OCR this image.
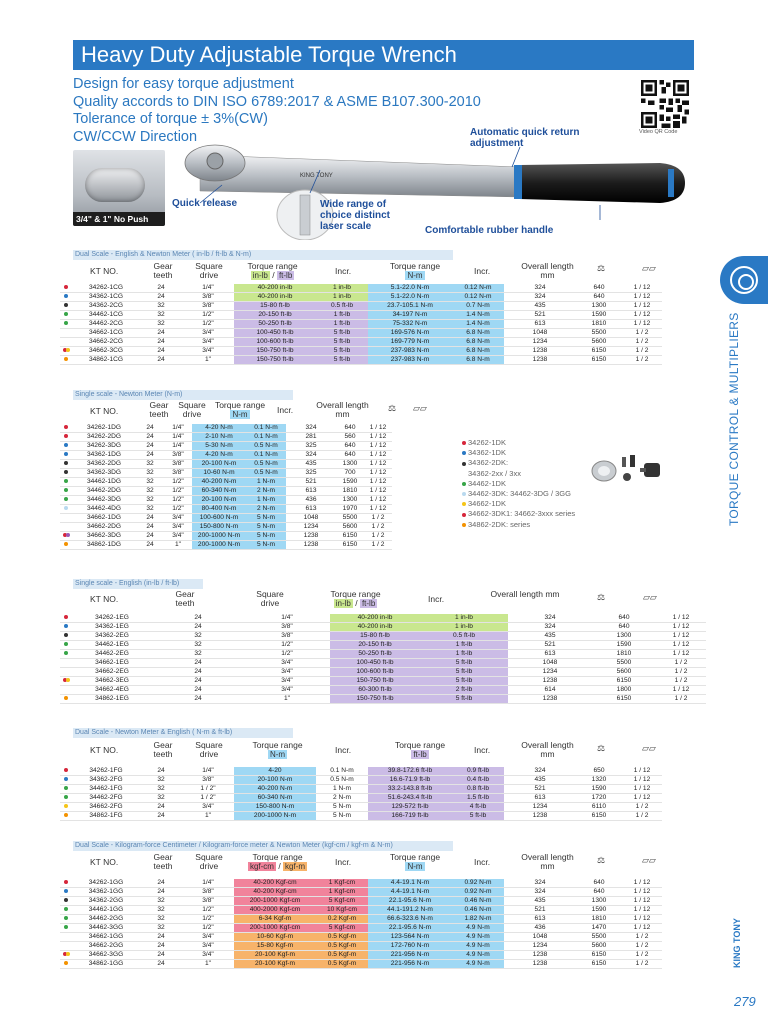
Heavy Duty Adjustable Torque Wrench
Design for easy torque adjustment
Quality accords to DIN ISO 6789:2017 & ASME B107.300-2010
Tolerance of torque ± 3%(CW)
CW/CCW Direction
3/4" & 1" No Push
KING TONY
Quick release
Automatic quick return adjustment
Wide range of choice distinct laser scale	Comfortable rubber handle
Video QR Code
TORQUE CONTROL & MULTIPLIERS
KING TONY
279
Dual Scale - English & Newton Meter ( in-lb / ft-lb & N-m)
KT NO.	Gear teeth
Square drive
Torque range
in-lb / ft-lb	Incr.	Torque range
N-m	Incr.	Overall length mm
⚖	▱▱
	34262-1CG	24	1/4"	40-200 in-lb	1 in-lb	5.1-22.0 N-m	0.12 N-m	324	640	1 / 12
	34362-1CG	24	3/8"	40-200 in-lb	1 in-lb	5.1-22.0 N-m	0.12 N-m	324	640	1 / 12
	34362-2CG	32	3/8"	15-80 ft-lb	0.5 ft-lb	23.7-105.1 N-m	0.7 N-m	435	1300	1 / 12
	34462-1CG	32	1/2"	20-150 ft-lb	1 ft-lb	34-197 N-m	1.4 N-m	521	1590	1 / 12
	34462-2CG	32	1/2"	50-250 ft-lb	1 ft-lb	75-332 N-m	1.4 N-m	613	1810	1 / 12
	34662-1CG	24	3/4"	100-450 ft-lb	5 ft-lb	169-576 N-m	6.8 N-m	1048	5500	1 / 2
	34662-2CG	24	3/4"	100-600 ft-lb	5 ft-lb	169-779 N-m	6.8 N-m	1234	5600	1 / 2
	34662-3CG	24	3/4"	150-750 ft-lb	5 ft-lb	237-983 N-m	6.8 N-m	1238	6150	1 / 2
	34862-1CG	24	1"	150-750 ft-lb	5 ft-lb	237-983 N-m	6.8 N-m	1238	6150	1 / 2
Single scale - Newton Meter (N-m)
KT NO.
Gear teeth
Square drive
Torque range
N-m	Incr.	Overall length mm
⚖ ▱▱
	34262-1DG	24	1/4"	4-20 N-m	0.1 N-m	324	640	1 / 12
	34262-2DG	24	1/4"	2-10 N-m	0.1 N-m	281	560	1 / 12
	34262-3DG	24	1/4"	5-30 N-m	0.5 N-m	325	640	1 / 12
	34362-1DG	24	3/8"	4-20 N-m	0.1 N-m	324	640	1 / 12
	34362-2DG	32	3/8"	20-100 N-m	0.5 N-m	435	1300	1 / 12
	34362-3DG	32	3/8"	10-60 N-m	0.5 N-m	325	700	1 / 12
	34462-1DG	32	1/2"	40-200 N-m	1 N-m	521	1590	1 / 12
	34462-2DG	32	1/2"	60-340 N-m	2 N-m	613	1810	1 / 12
	34462-3DG	32	1/2"	20-100 N-m	1 N-m	436	1300	1 / 12
	34462-4DG	32	1/2"	80-400 N-m	2 N-m	613	1970	1 / 12
	34662-1DG	24	3/4"	100-600 N-m	5 N-m	1048	5500	1 / 2
	34662-2DG	24	3/4"	150-800 N-m	5 N-m	1234	5600	1 / 2
	34662-3DG	24	3/4"	200-1000 N-m	5 N-m	1238	6150	1 / 2
	34862-1DG	24	1"	200-1000 N-m	5 N-m	1238	6150	1 / 2
34262-1DK
34362-1DK
34362-2DK:
34362-2xx / 3xx
34462-1DK
34462-3DK: 34462-3DG / 3GG
34662-1DK
34662-3DK1: 34662-3xxx series
34862-2DK: series
Single scale - English (in-lb / ft-lb)
KT NO.	Gear teeth
Square drive
Torque range
in-lb / ft-lb	Incr.	Overall length mm	⚖	▱▱
	34262-1EG	24	1/4"	40-200 in-lb	1 in-lb	324	640	1 / 12
	34362-1EG	24	3/8"	40-200 in-lb	1 in-lb	324	640	1 / 12
	34362-2EG	32	3/8"	15-80 ft-lb	0.5 ft-lb	435	1300	1 / 12
	34462-1EG	32	1/2"	20-150 ft-lb	1 ft-lb	521	1590	1 / 12
	34462-2EG	32	1/2"	50-250 ft-lb	1 ft-lb	613	1810	1 / 12
	34662-1EG	24	3/4"	100-450 ft-lb	5 ft-lb	1048	5500	1 / 2
	34662-2EG	24	3/4"	100-600 ft-lb	5 ft-lb	1234	5600	1 / 2
	34662-3EG	24	3/4"	150-750 ft-lb	5 ft-lb	1238	6150	1 / 2
	34662-4EG	24	3/4"	60-300 ft-lb	2 ft-lb	614	1800	1 / 12
	34862-1EG	24	1"	150-750 ft-lb	5 ft-lb	1238	6150	1 / 2
Dual Scale - Newton Meter & English ( N-m & ft-lb)
KT NO.	Gear teeth
Square drive
Torque range
N-m	Incr.	Torque range
ft-lb	Incr.	Overall length mm
⚖	▱▱
	34262-1FG	24	1/4"	4-20	0.1 N-m	39.8-172.6 ft-lb	0.9 ft-lb	324	650	1 / 12
	34362-2FG	32	3/8"	20-100 N-m	0.5 N-m	16.6-71.9 ft-lb	0.4 ft-lb	435	1320	1 / 12
	34462-1FG	32	1 / 2"	40-200 N-m	1 N-m	33.2-143.8 ft-lb	0.8 ft-lb	521	1590	1 / 12
	34462-2FG	32	1 / 2"	60-340 N-m	2 N-m	51.6-243.4 ft-lb	1.5 ft-lb	613	1720	1 / 12
	34662-2FG	24	3/4"	150-800 N-m	5 N-m	129-572 ft-lb	4 ft-lb	1234	6110	1 / 2
	34862-1FG	24	1"	200-1000 N-m	5 N-m	166-719 ft-lb	5 ft-lb	1238	6150	1 / 2
Dual Scale - Kilogram-force Centimeter / Kilogram-force meter & Newton Meter (kgf-cm / kgf-m & N-m)
KT NO.	Gear teeth
Square drive
Torque range
kgf-cm / kgf-m	Incr.	Torque range
N-m	Incr.	Overall length mm
⚖	▱▱
	34262-1GG	24	1/4"	40-200 Kgf-cm	1 Kgf-cm	4.4-19.1 N-m	0.92 N-m	324	640	1 / 12
	34362-1GG	24	3/8"	40-200 Kgf-cm	1 Kgf-cm	4.4-19.1 N-m	0.92 N-m	324	640	1 / 12
	34362-2GG	32	3/8"	200-1000 Kgf-cm	5 Kgf-cm	22.1-95.6 N-m	0.46 N-m	435	1300	1 / 12
	34462-1GG	32	1/2"	400-2000 Kgf-cm	10 Kgf-cm	44.1-191.2 N-m	0.46 N-m	521	1590	1 / 12
	34462-2GG	32	1/2"	6-34 Kgf-m	0.2 Kgf-m	66.6-323.6 N-m	1.82 N-m	613	1810	1 / 12
	34462-3GG	32	1/2"	200-1000 Kgf-cm	5 Kgf-cm	22.1-95.6 N-m	4.9 N-m	436	1470	1 / 12
	34662-1GG	24	3/4"	10-60 Kgf-m	0.5 Kgf-m	123-564 N-m	4.9 N-m	1048	5500	1 / 2
	34662-2GG	24	3/4"	15-80 Kgf-m	0.5 Kgf-m	172-760 N-m	4.9 N-m	1234	5600	1 / 2
	34662-3GG	24	3/4"	20-100 Kgf-m	0.5 Kgf-m	221-956 N-m	4.9 N-m	1238	6150	1 / 2
	34862-1GG	24	1"	20-100 Kgf-m	0.5 Kgf-m	221-956 N-m	4.9 N-m	1238	6150	1 / 2
